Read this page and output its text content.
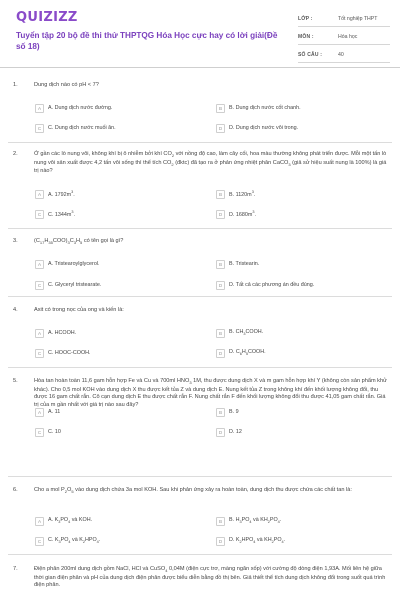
QUIZIZZ
Tuyển tập 20 bộ đề thi thử THPTQG Hóa Học cực hay có lời giải(Đề số 18)
LỚP :	Tốt nghiệp THPT
MÔN :	Hóa học
SỐ CÂU :	40
1.	Dung dịch nào có pH < 7?
A	A. Dung dịch nước đường.	B	B. Dung dịch nước cốt chanh.
C	C. Dung dịch nước muối ăn.	D	D. Dung dịch nước vôi trong.
2.	Ở gần các lò nung vôi, không khí bị ô nhiễm bởi khí $CO_2$ với nồng độ cao, làm cây cối, hoa màu thường không phát triển được. Mỗi một tấn lò nung vôi sản xuất được 4,2 tấn vôi sống thì thể tích $CO_2$ (đktc) đã tạo ra ở phản ứng nhiệt phân CaCO$_3$ (giả sử hiệu suất nung là 100%) là giá trị nào?
A	A. $1792m^3$.	B	B. $1120m^3$.
C	C. $1344m^3$.	D	D. $1680m^3$.
3.	$(C_{17}H_{35}COO)_3C_3H_5$ có tên gọi là gì?
A	A. Tristearoylglycerol.	B	B. Tristearin.
C	C. Glyceryl tristearate.	D	D. Tất cả các phương án đều đúng.
4.	Axit có trong nọc của ong và kiến là:
A	A. HCOOH.	B	B. $CH_3COOH$.
C	C. HOOC-COOH.	D	D. $C_6H_5COOH$.
5.	Hòa tan hoàn toàn 11,6 gam hỗn hợp Fe và Cu và 700ml $HNO_3$ 1M, thu được dung dịch X và m gam hỗn hợp khí Y (không còn sản phẩm khử khác). Cho 0,5 mol KOH vào dung dịch X thu được kết tủa Z và dung dịch E. Nung kết tủa Z trong không khí đến khối lượng không đổi, thu được 16 gam chất rắn. Cô cạn dung dịch E thu được chất rắn F. Nung chất rắn F đến khối lượng không đổi thu được 41,05 gam chất rắn. Giá trị của m gần nhất với giá trị nào sau đây?
A	A. 11	B	B. 9
C	C. 10	D	D. 12
6.	Cho a mol $P_2O_5$ vào dung dịch chứa 3a mol KOH. Sau khi phản ứng xảy ra hoàn toàn, dung dịch thu được chứa các chất tan là:
A	A. $K_3PO_4$ và KOH.	B	B. $H_3PO_4$ và $KH_2PO_4$.
C	C. $K_3PO_4$ và $K_2HPO_4$.	D	D. $K_2HPO_4$ và $KH_2PO_4$.
7.	Điện phân 200ml dung dịch gồm NaCl, HCl và CuSO$_4$ 0,04M (điện cực trơ, màng ngăn xốp) với cường độ dòng điện 1,93A. Mối liên hệ giữa thời gian điện phân và pH của dung dịch điện phân được biểu diễn bằng đồ thị bên. Giả thiết thể tích dung dịch không đổi trong suốt quá trình điện phân.
